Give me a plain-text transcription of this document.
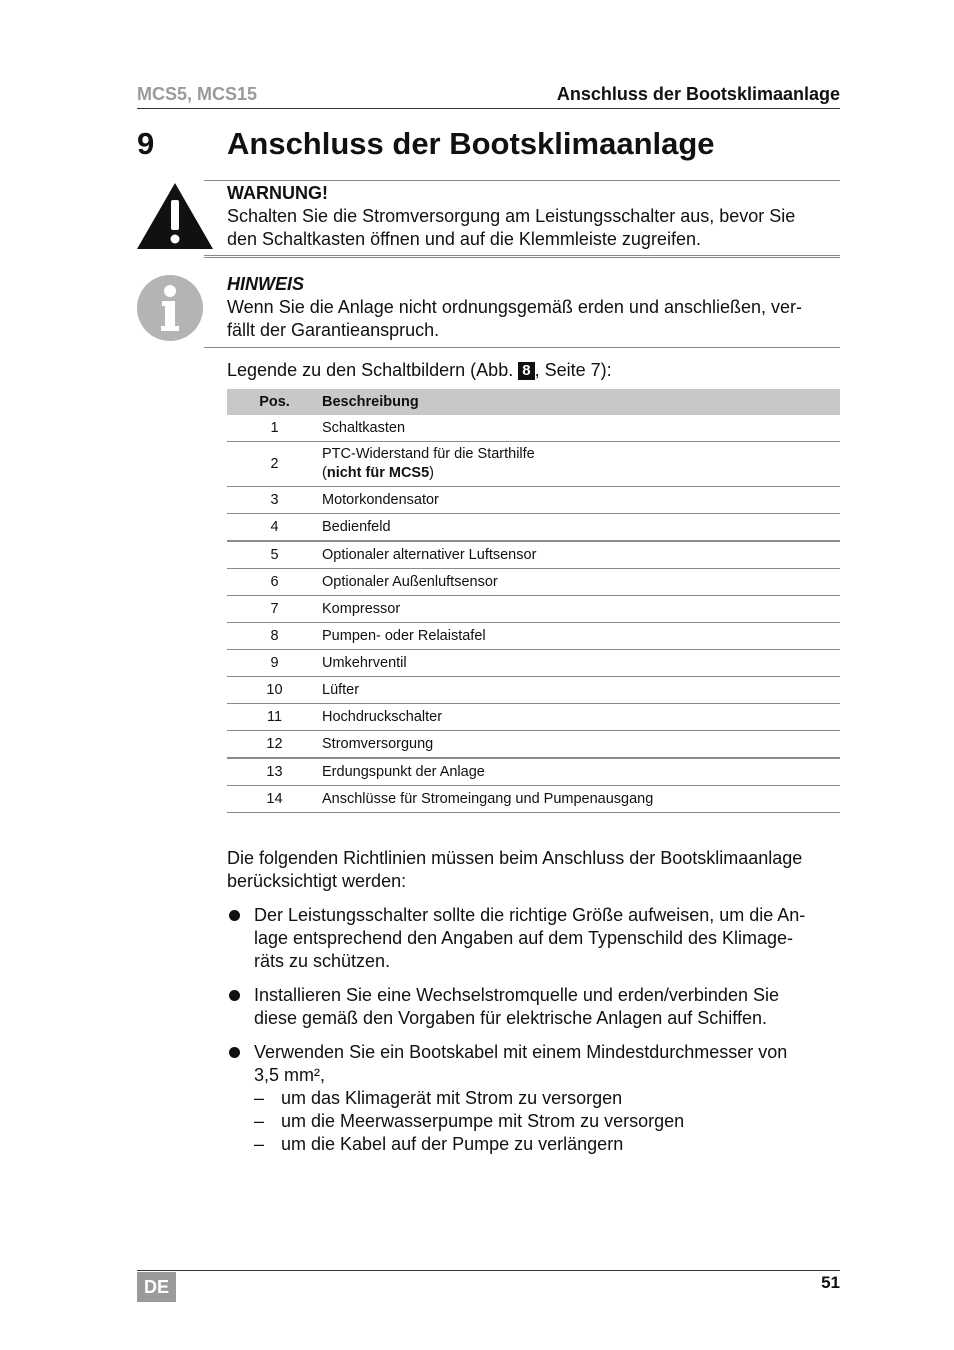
MCS5, MCS15	Anschluss der Bootsklimaanlage
9 Anschluss der Bootsklimaanlage
WARNUNG!
Schalten Sie die Stromversorgung am Leistungsschalter aus, bevor Sie
den Schaltkasten öffnen und auf die Klemmleiste zugreifen.
HINWEIS
Wenn Sie die Anlage nicht ordnungsgemäß erden und anschließen, ver-
fällt der Garantieanspruch.
Legende zu den Schaltbildern (Abb. 8 , Seite 7):
Pos.	Beschreibung
1	Schaltkasten
2	PTC-Widerstand für die Starthilfe
(nicht für MCS5)
3	Motorkondensator
4	Bedienfeld
5	Optionaler alternativer Luftsensor
6	Optionaler Außenluftsensor
7	Kompressor
8	Pumpen- oder Relaistafel
9	Umkehrventil
10	Lüfter
11	Hochdruckschalter
12	Stromversorgung
13	Erdungspunkt der Anlage
14	Anschlüsse für Stromeingang und Pumpenausgang
Die folgenden Richtlinien müssen beim Anschluss der Bootsklimaanlage
berücksichtigt werden:
Der Leistungsschalter sollte die richtige Größe aufweisen, um die An-
lage entsprechend den Angaben auf dem Typenschild des Klimage-
räts zu schützen.
Installieren Sie eine Wechselstromquelle und erden/verbinden Sie
diese gemäß den Vorgaben für elektrische Anlagen auf Schiffen.
Verwenden Sie ein Bootskabel mit einem Mindestdurchmesser von
3,5 mm²,
– um das Klimagerät mit Strom zu versorgen
– um die Meerwasserpumpe mit Strom zu versorgen
– um die Kabel auf der Pumpe zu verlängern
DE	51
